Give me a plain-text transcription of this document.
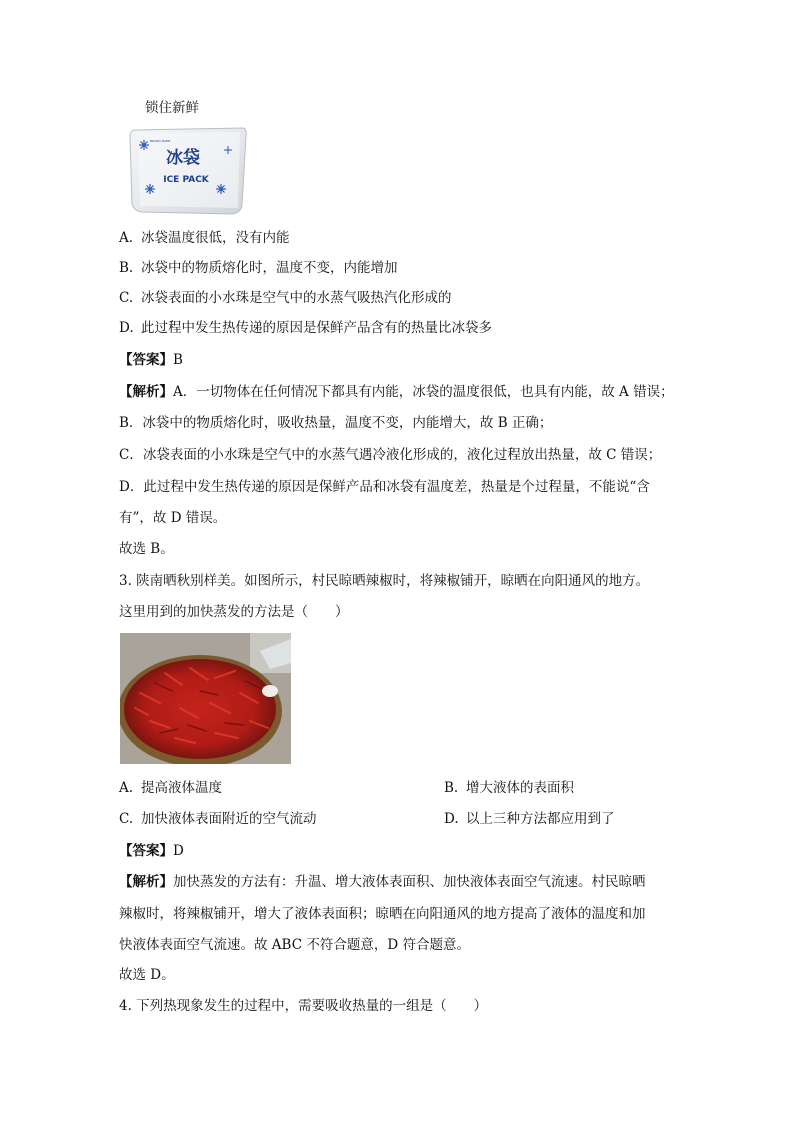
锁住新鲜
冰袋
ICE PACK
BRAND NAME
A. 冰袋温度很低，没有内能
B. 冰袋中的物质熔化时，温度不变，内能增加
C. 冰袋表面的小水珠是空气中的水蒸气吸热汽化形成的
D. 此过程中发生热传递的原因是保鲜产品含有的热量比冰袋多
【答案】B
【解析】A．一切物体在任何情况下都具有内能，冰袋的温度很低，也具有内能，故 A 错误；
B．冰袋中的物质熔化时，吸收热量，温度不变，内能增大，故 B 正确；
C．冰袋表面的小水珠是空气中的水蒸气遇冷液化形成的，液化过程放出热量，故 C 错误；
D．此过程中发生热传递的原因是保鲜产品和冰袋有温度差，热量是个过程量，不能说“含
有”，故 D 错误。
故选 B。
3. 陕南晒秋别样美。如图所示，村民晾晒辣椒时，将辣椒铺开，晾晒在向阳通风的地方。
这里用到的加快蒸发的方法是（　　）
A. 提高液体温度	B. 增大液体的表面积
C. 加快液体表面附近的空气流动	D. 以上三种方法都应用到了
【答案】D
【解析】加快蒸发的方法有：升温、增大液体表面积、加快液体表面空气流速。村民晾晒
辣椒时，将辣椒铺开，增大了液体表面积；晾晒在向阳通风的地方提高了液体的温度和加
快液体表面空气流速。故 ABC 不符合题意，D 符合题意。
故选 D。
4. 下列热现象发生的过程中，需要吸收热量的一组是（　　）
